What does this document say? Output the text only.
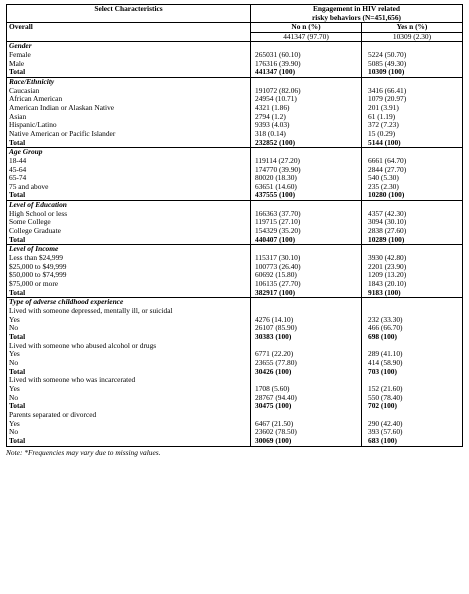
Select Characteristics	Engagement in HIV related
risky behaviors (N=451,656)	

Overall	No n (%)	Yes n (%)
	441347 (97.70)	10309 (2.30)
Gender		
Female	265031 (60.10)	5224 (50.70)
Male	176316 (39.90)	5085 (49.30)
Total	441347 (100)	10309 (100)
Race/Ethnicity		
Caucasian	191072 (82.06)	3416 (66.41)
African American	24954 (10.71)	1079 (20.97)
American Indian or Alaskan Native	4321 (1.86)	201 (3.91)
Asian	2794 (1.2)	61 (1.19)
Hispanic/Latino	9393 (4.03)	372 (7.23)
Native American or Pacific Islander	318 (0.14)	15 (0.29)
Total	232852 (100)	5144 (100)
Age Group		
18-44	119114 (27.20)	6661 (64.70)
45-64	174770 (39.90)	2844 (27.70)
65-74	80020 (18.30)	540 (5.30)
75 and above	63651 (14.60)	235 (2.30)
Total	437555 (100)	10280 (100)
Level of Education		
High School or less	166363 (37.70)	4357 (42.30)
Some College	119715 (27.10)	3094 (30.10)
College Graduate	154329 (35.20)	2838 (27.60)
Total	440407 (100)	10289 (100)
Level of Income		
Less than $24,999	115317 (30.10)	3930 (42.80)
$25,000 to $49,999	100773 (26.40)	2201 (23.90)
$50,000 to $74,999	60692 (15.80)	1209 (13.20)
$75,000 or more	106135 (27.70)	1843 (20.10)
Total	382917 (100)	9183 (100)
Type of adverse childhood experience		
Lived with someone depressed, mentally ill, or suicidal		
Yes	4276 (14.10)	232 (33.30)
No	26107 (85.90)	466 (66.70)
Total	30383 (100)	698 (100)
Lived with someone who abused alcohol or drugs		
Yes	6771 (22.20)	289 (41.10)
No	23655 (77.80)	414 (58.90)
Total	30426 (100)	703 (100)
Lived with someone who was incarcerated		
Yes	1708 (5.60)	152 (21.60)
No	28767 (94.40)	550 (78.40)
Total	30475 (100)	702 (100)
Parents separated or divorced		
Yes	6467 (21.50)	290 (42.40)
No	23602 (78.50)	393 (57.60)
Total	30069 (100)	683 (100)
Note: *Frequencies may vary due to missing values.
